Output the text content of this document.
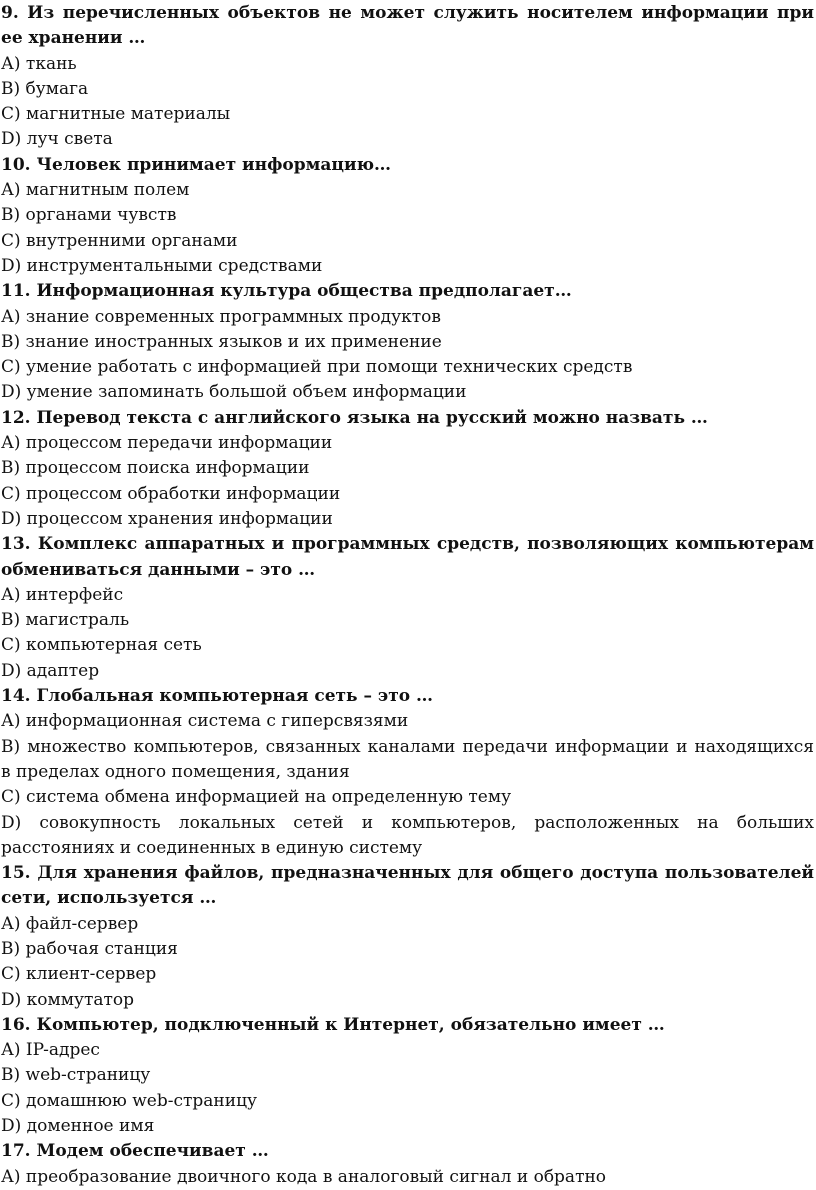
9. Из перечисленных объектов не может служить носителем информации при ее хранении …

А) ткань

В) бумага

С) магнитные материалы

D) луч света

10. Человек принимает информацию…

А) магнитным полем

В) органами чувств

С) внутренними органами

D) инструментальными средствами

11. Информационная культура общества предполагает…

А) знание современных программных продуктов

В) знание иностранных языков и их применение

С) умение работать с информацией при помощи технических средств

D) умение запоминать большой объем информации

12. Перевод текста с английского языка на русский можно назвать …

А) процессом передачи информации

В) процессом поиска информации

С) процессом обработки информации

D) процессом хранения информации

13. Комплекс аппаратных и программных средств, позволяющих компьютерам обмениваться данными – это …

А) интерфейс

В) магистраль

С) компьютерная сеть

D) адаптер

14. Глобальная компьютерная сеть – это …

А) информационная система с гиперсвязями

В) множество компьютеров, связанных каналами передачи информации и находящихся в пределах одного помещения, здания

С) система обмена информацией на определенную тему

D) совокупность локальных сетей и компьютеров, расположенных на больших расстояниях и соединенных в единую систему

15. Для хранения файлов, предназначенных для общего доступа пользователей сети, используется …

А) файл-сервер

В) рабочая станция

С) клиент-сервер

D) коммутатор

16. Компьютер, подключенный к Интернет, обязательно имеет …

А) IP-адрес

В) web-страницу

С) домашнюю web-страницу

D) доменное имя

17. Модем обеспечивает …

А) преобразование двоичного кода в аналоговый сигнал и обратно
